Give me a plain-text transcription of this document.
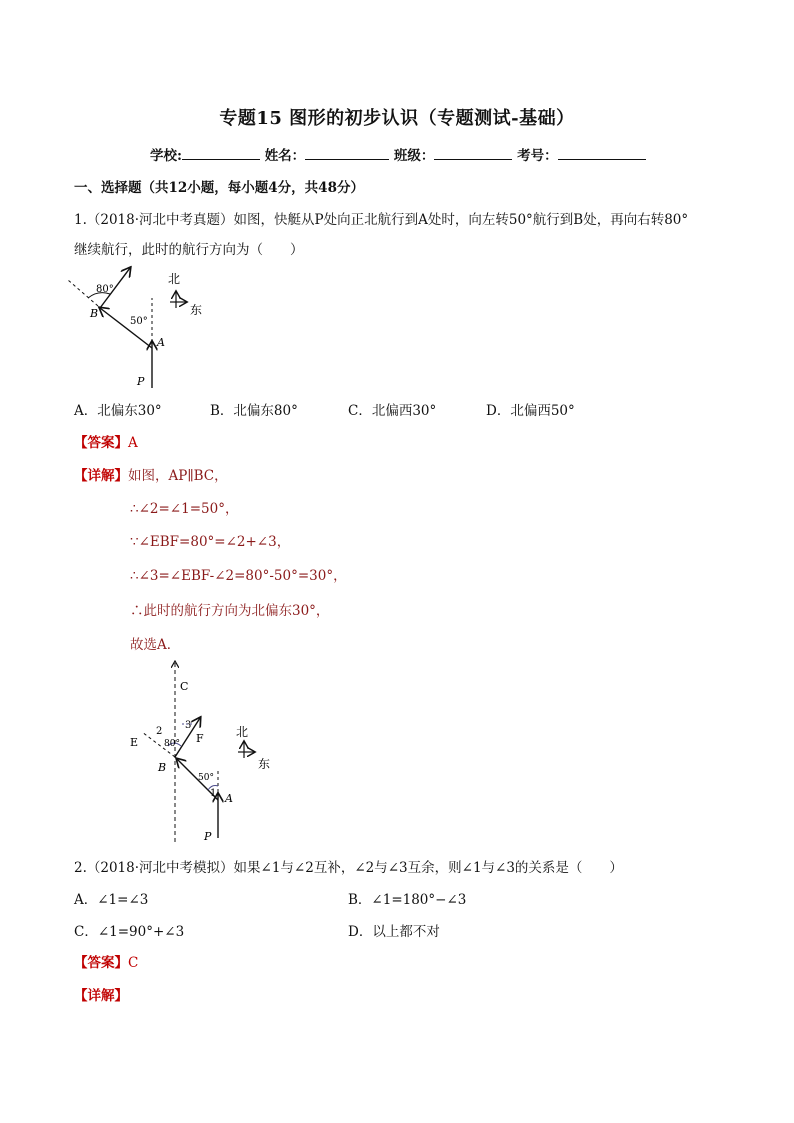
专题15 图形的初步认识（专题测试-基础）
学校:	姓名：	班级：	考号：
一、选择题（共12小题，每小题4分，共48分）
1.（2018·河北中考真题）如图，快艇从P处向正北航行到A处时，向左转50°航行到B处，再向右转80°
继续航行，此时的航行方向为（　　）
80°
50°
B
A
P
北
东
A．北偏东30°	B．北偏东80°	C．北偏西30°	D．北偏西50°
【答案】A
【详解】如图，AP∥BC，
∴∠2=∠1=50°，
∵∠EBF=80°=∠2+∠3，
∴∠3=∠EBF-∠2=80°-50°=30°，
∴此时的航行方向为北偏东30°，
故选A．
C
E	F
B
A
P
2
3
1
80°
50°
北
东
2.（2018·河北中考模拟）如果∠1与∠2互补，∠2与∠3互余，则∠1与∠3的关系是（　　）
A．∠1=∠3	B．∠1=180°−∠3
C．∠1=90°+∠3	D．以上都不对
【答案】C
【详解】
